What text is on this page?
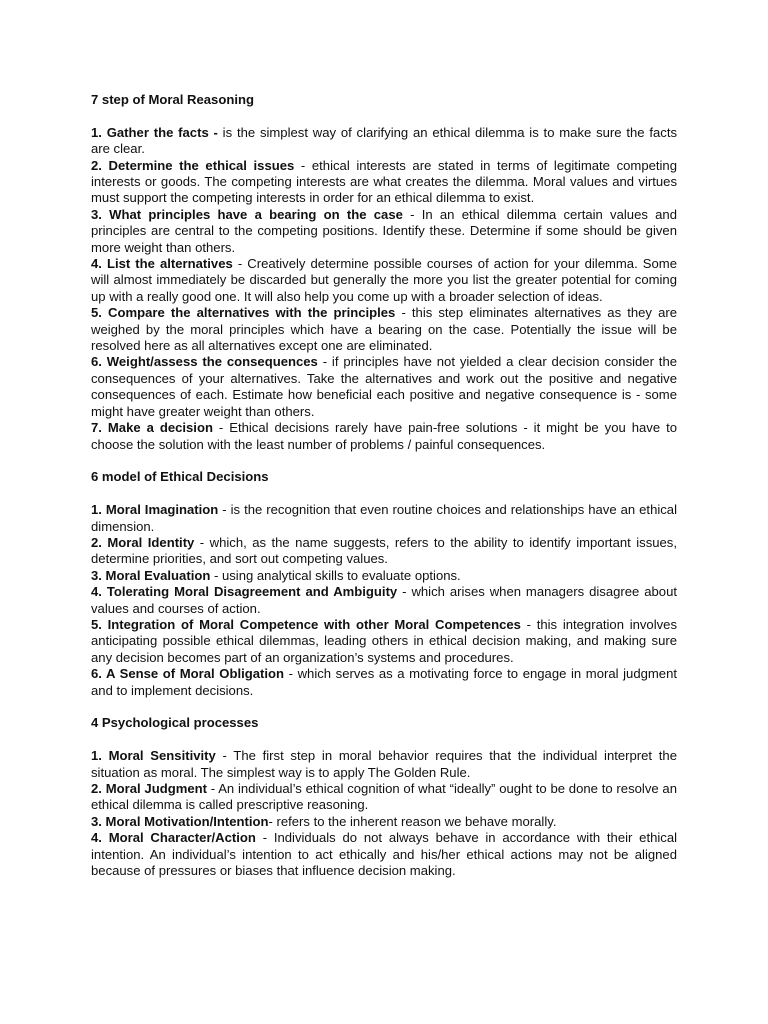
7 step of Moral Reasoning

1. Gather the facts - is the simplest way of clarifying an ethical dilemma is to make sure the facts are clear.

2. Determine the ethical issues - ethical interests are stated in terms of legitimate competing interests or goods. The competing interests are what creates the dilemma. Moral values and virtues must support the competing interests in order for an ethical dilemma to exist.

3. What principles have a bearing on the case - In an ethical dilemma certain values and principles are central to the competing positions. Identify these. Determine if some should be given more weight than others.

4. List the alternatives - Creatively determine possible courses of action for your dilemma. Some will almost immediately be discarded but generally the more you list the greater potential for coming up with a really good one. It will also help you come up with a broader selection of ideas.

5. Compare the alternatives with the principles - this step eliminates alternatives as they are weighed by the moral principles which have a bearing on the case. Potentially the issue will be resolved here as all alternatives except one are eliminated.

6. Weight/assess the consequences - if principles have not yielded a clear decision consider the consequences of your alternatives. Take the alternatives and work out the positive and negative consequences of each. Estimate how beneficial each positive and negative consequence is - some might have greater weight than others.

7. Make a decision - Ethical decisions rarely have pain-free solutions - it might be you have to choose the solution with the least number of problems / painful consequences.

6 model of Ethical Decisions

1. Moral Imagination - is the recognition that even routine choices and relationships have an ethical dimension.

2. Moral Identity - which, as the name suggests, refers to the ability to identify important issues, determine priorities, and sort out competing values.

3. Moral Evaluation - using analytical skills to evaluate options.

4. Tolerating Moral Disagreement and Ambiguity - which arises when managers disagree about values and courses of action.

5. Integration of Moral Competence with other Moral Competences - this integration involves anticipating possible ethical dilemmas, leading others in ethical decision making, and making sure any decision becomes part of an organization’s systems and procedures.

6. A Sense of Moral Obligation - which serves as a motivating force to engage in moral judgment and to implement decisions.

4 Psychological processes

1. Moral Sensitivity - The first step in moral behavior requires that the individual interpret the situation as moral. The simplest way is to apply The Golden Rule.

2. Moral Judgment - An individual’s ethical cognition of what “ideally” ought to be done to resolve an ethical dilemma is called prescriptive reasoning.

3. Moral Motivation/Intention- refers to the inherent reason we behave morally.

4. Moral Character/Action - Individuals do not always behave in accordance with their ethical intention. An individual’s intention to act ethically and his/her ethical actions may not be aligned because of pressures or biases that influence decision making.
